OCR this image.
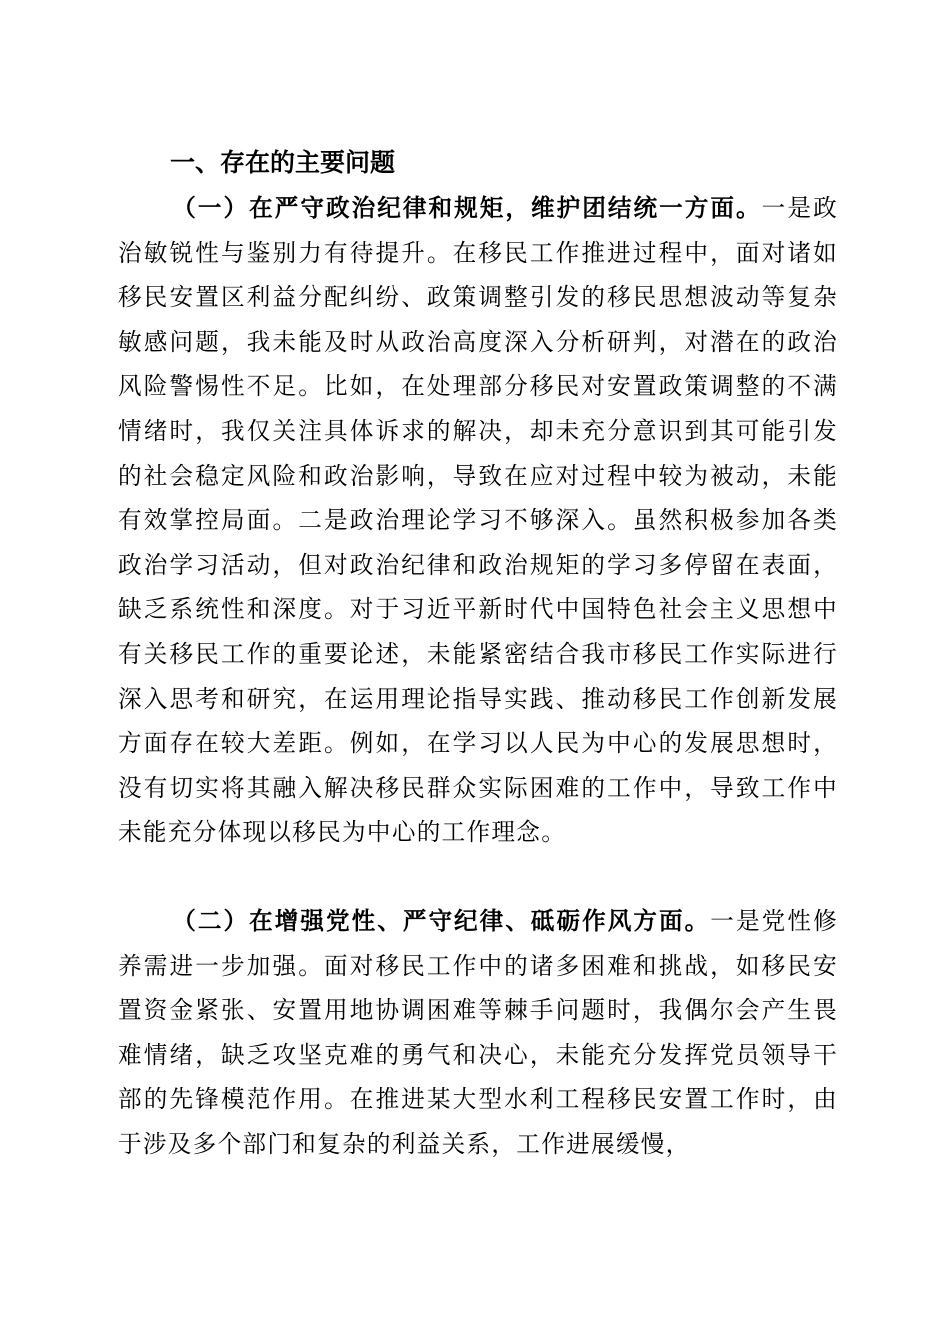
一、存在的主要问题

（一）在严守政治纪律和规矩，维护团结统一方面。一是政治敏锐性与鉴别力有待提升。在移民工作推进过程中，面对诸如移民安置区利益分配纠纷、政策调整引发的移民思想波动等复杂敏感问题，我未能及时从政治高度深入分析研判，对潜在的政治风险警惕性不足。比如，在处理部分移民对安置政策调整的不满情绪时，我仅关注具体诉求的解决，却未充分意识到其可能引发的社会稳定风险和政治影响，导致在应对过程中较为被动，未能有效掌控局面。二是政治理论学习不够深入。虽然积极参加各类政治学习活动，但对政治纪律和政治规矩的学习多停留在表面，缺乏系统性和深度。对于习近平新时代中国特色社会主义思想中有关移民工作的重要论述，未能紧密结合我市移民工作实际进行深入思考和研究，在运用理论指导实践、推动移民工作创新发展方面存在较大差距。例如，在学习以人民为中心的发展思想时，没有切实将其融入解决移民群众实际困难的工作中，导致工作中未能充分体现以移民为中心的工作理念。

（二）在增强党性、严守纪律、砥砺作风方面。一是党性修养需进一步加强。面对移民工作中的诸多困难和挑战，如移民安置资金紧张、安置用地协调困难等棘手问题时，我偶尔会产生畏难情绪，缺乏攻坚克难的勇气和决心，未能充分发挥党员领导干部的先锋模范作用。在推进某大型水利工程移民安置工作时，由于涉及多个部门和复杂的利益关系，工作进展缓慢，
